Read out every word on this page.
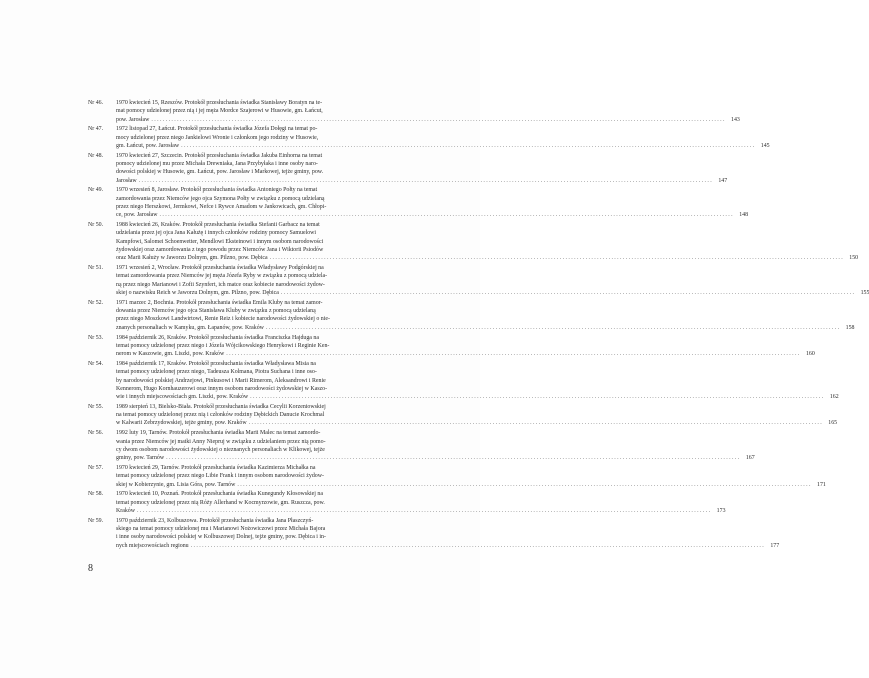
Nr 46.	1970 kwiecień 15, Rzeszów. Protokół przesłuchania świadka Stanisławy Boratyn na te-

mat pomocy udzielonej przez nią i jej męża Mordce Szajerowi w Husowie, gm. Łańcut,

pow. Jarosław ........................................................................................................................................................................................................ 143
Nr 47.	1972 listopad 27, Łańcut. Protokół przesłuchania świadka Józefa Dołęgi na temat po-

mocy udzielonej przez niego Jankielowi Wronie i członkom jego rodziny w Husowie,

gm. Łańcut, pow. Jarosław ........................................................................................................................................................................................................ 145
Nr 48.	1970 kwiecień 27, Szczecin. Protokół przesłuchania świadka Jakuba Einhorna na temat

pomocy udzielonej mu przez Michała Drewniaka, Jana Przybyłaka i inne osoby naro-

dowości polskiej w Husowie, gm. Łańcut, pow. Jarosław i Markowej, tejże gminy, pow.

Jarosław ........................................................................................................................................................................................................ 147
Nr 49.	1970 wrzesień 8, Jarosław. Protokół przesłuchania świadka Antoniego Połty na temat

zamordowania przez Niemców jego ojca Szymona Połty w związku z pomocą udzielaną

przez niego Herszkowi, Jermkowi, Nefce i Rywce Amadom w Jankowicach, gm. Chłopi-

ce, pow. Jarosław ........................................................................................................................................................................................................ 148
Nr 50.	1988 kwiecień 26, Kraków. Protokół przesłuchania świadka Stefanii Garbacz na temat

udzielania przez jej ojca Jana Kałużę i innych członków rodziny pomocy Samuelowi

Kampfowi, Salomei Schoenwetter, Mendlowi Eksteinowi i innym osobom narodowości

żydowskiej oraz zamordowania z tego powodu przez Niemców Jana i Wiktorii Psiodów

oraz Marii Kałuży w Jaworzu Dolnym, gm. Pilzno, pow. Dębica ........................................................................................................................................................................................................ 150
Nr 51.	1971 wrzesień 2, Wrocław. Protokół przesłuchania świadka Władysławy Podgórskiej na

temat zamordowania przez Niemców jej męża Józefa Ryby w związku z pomocą udziela-

ną przez niego Marianowi i Zofii Szynfert, ich matce oraz kobiecie narodowości żydow-

skiej o nazwisku Reich w Jaworzu Dolnym, gm. Pilzno, pow. Dębica ........................................................................................................................................................................................................ 155
Nr 52.	1971 marzec 2, Bochnia. Protokół przesłuchania świadka Emila Kluby na temat zamor-

dowania przez Niemców jego ojca Stanisława Kluby w związku z pomocą udzielaną

przez niego Moszkowi Landwirtowi, Renie Reiz i kobiecie narodowości żydowskiej o nie-

znanych personaliach w Kamyku, gm. Łapanów, pow. Kraków ........................................................................................................................................................................................................ 158
Nr 53.	1984 październik 26, Kraków. Protokół przesłuchania świadka Franciszka Hajduga na

temat pomocy udzielonej przez niego i Józefa Wójcikowskiego Henrykowi i Reginie Ken-

nerom w Kaszowie, gm. Liszki, pow. Kraków ........................................................................................................................................................................................................ 160
Nr 54.	1984 październik 17, Kraków. Protokół przesłuchania świadka Władysława Misia na

temat pomocy udzielonej przez niego, Tadeusza Kolmana, Piotra Suchana i inne oso-

by narodowości polskiej Andrzejowi, Pinkusowi i Marii Rimerom, Aleksandrowi i Renie

Kennerom, Hugo Kornhauzerowi oraz innym osobom narodowości żydowskiej w Kaszo-

wie i innych miejscowościach gm. Liszki, pow. Kraków ........................................................................................................................................................................................................ 162
Nr 55.	1989 sierpień 13, Bielsko-Biała. Protokół przesłuchania świadka Cecylii Korzeniowskiej

na temat pomocy udzielonej przez nią i członków rodziny Dębickich Danucie Krochmal

w Kalwarii Zebrzydowskiej, tejże gminy, pow. Kraków ........................................................................................................................................................................................................ 165
Nr 56.	1992 luty 19, Tarnów. Protokół przesłuchania świadka Marii Malec na temat zamordo-

wania przez Niemców jej matki Anny Niepruj w związku z udzielaniem przez nią pomo-

cy dwom osobom narodowości żydowskiej o nieznanych personaliach w Klikowej, tejże

gminy, pow. Tarnów ........................................................................................................................................................................................................ 167
Nr 57.	1970 kwiecień 29, Tarnów. Protokół przesłuchania świadka Kazimierza Michałka na

temat pomocy udzielonej przez niego Libie Frank i innym osobom narodowości żydow-

skiej w Kobierzynie, gm. Lisia Góra, pow. Tarnów ........................................................................................................................................................................................................ 171
Nr 58.	1970 kwiecień 10, Poznań. Protokół przesłuchania świadka Kunegundy Kłosowskiej na

temat pomocy udzielonej przez nią Róży Allerhand w Kocmyrzowie, gm. Ruszcza, pow.

Kraków ........................................................................................................................................................................................................ 173
Nr 59.	1970 październik 23, Kolbuszowa. Protokół przesłuchania świadka Jana Płaszczyń-

skiego na temat pomocy udzielonej mu i Marianowi Nożowiczowi przez Michała Bajora

i inne osoby narodowości polskiej w Kolbuszowej Dolnej, tejże gminy, pow. Dębica i in-

nych miejscowościach regionu ........................................................................................................................................................................................................ 177
8
